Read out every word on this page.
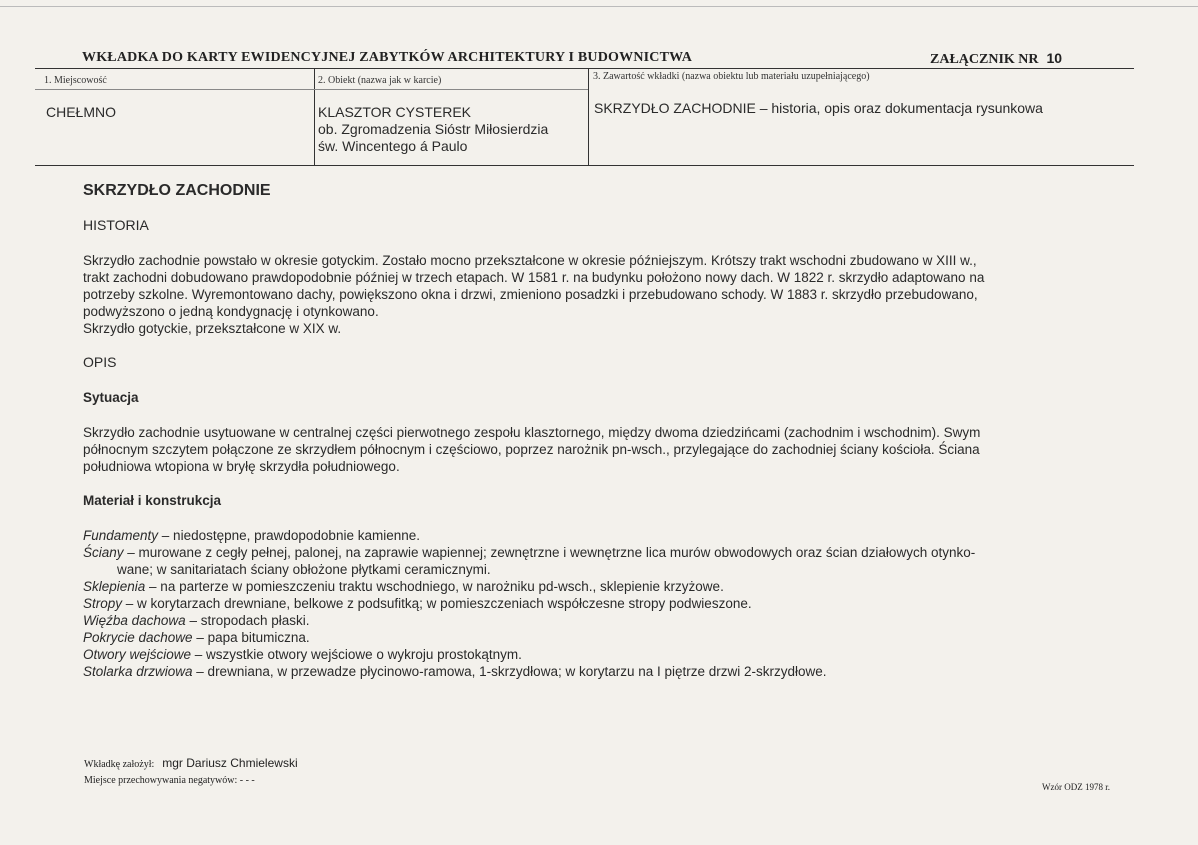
WKŁADKA DO KARTY EWIDENCYJNEJ ZABYTKÓW ARCHITEKTURY I BUDOWNICTWA	ZAŁĄCZNIK NR 10
1. Miejscowość
CHEŁMNO
2. Obiekt (nazwa jak w karcie)
KLASZTOR CYSTEREK
ob. Zgromadzenia Sióstr Miłosierdzia
św. Wincentego á Paulo
3. Zawartość wkładki (nazwa obiektu lub materiału uzupełniającego)
SKRZYDŁO ZACHODNIE – historia, opis oraz dokumentacja rysunkowa
SKRZYDŁO ZACHODNIE
HISTORIA

Skrzydło zachodnie powstało w okresie gotyckim. Zostało mocno przekształcone w okresie późniejszym. Krótszy trakt wschodni zbudowano w XIII w.,

trakt zachodni dobudowano prawdopodobnie później w trzech etapach. W 1581 r. na budynku położono nowy dach. W 1822 r. skrzydło adaptowano na

potrzeby szkolne. Wyremontowano dachy, powiększono okna i drzwi, zmieniono posadzki i przebudowano schody. W 1883 r. skrzydło przebudowano,

podwyższono o jedną kondygnację i otynkowano.

Skrzydło gotyckie, przekształcone w XIX w.

OPIS
Sytuacja

Skrzydło zachodnie usytuowane w centralnej części pierwotnego zespołu klasztornego, między dwoma dziedzińcami (zachodnim i wschodnim). Swym

północnym szczytem połączone ze skrzydłem północnym i częściowo, poprzez narożnik pn-wsch., przylegające do zachodniej ściany kościoła. Ściana

południowa wtopiona w bryłę skrzydła południowego.

Materiał i konstrukcja

Fundamenty – niedostępne, prawdopodobnie kamienne.

Ściany – murowane z cegły pełnej, palonej, na zaprawie wapiennej; zewnętrzne i wewnętrzne lica murów obwodowych oraz ścian działowych otynko-

wane; w sanitariatach ściany obłożone płytkami ceramicznymi.

Sklepienia – na parterze w pomieszczeniu traktu wschodniego, w narożniku pd-wsch., sklepienie krzyżowe.

Stropy – w korytarzach drewniane, belkowe z podsufitką; w pomieszczeniach współczesne stropy podwieszone.

Więźba dachowa – stropodach płaski.

Pokrycie dachowe – papa bitumiczna.

Otwory wejściowe – wszystkie otwory wejściowe o wykroju prostokątnym.

Stolarka drzwiowa – drewniana, w przewadze płycinowo-ramowa, 1-skrzydłowa; w korytarzu na I piętrze drzwi 2-skrzydłowe.

Wkładkę założył: mgr Dariusz Chmielewski
Miejsce przechowywania negatywów: - - -
Wzór ODZ 1978 r.
